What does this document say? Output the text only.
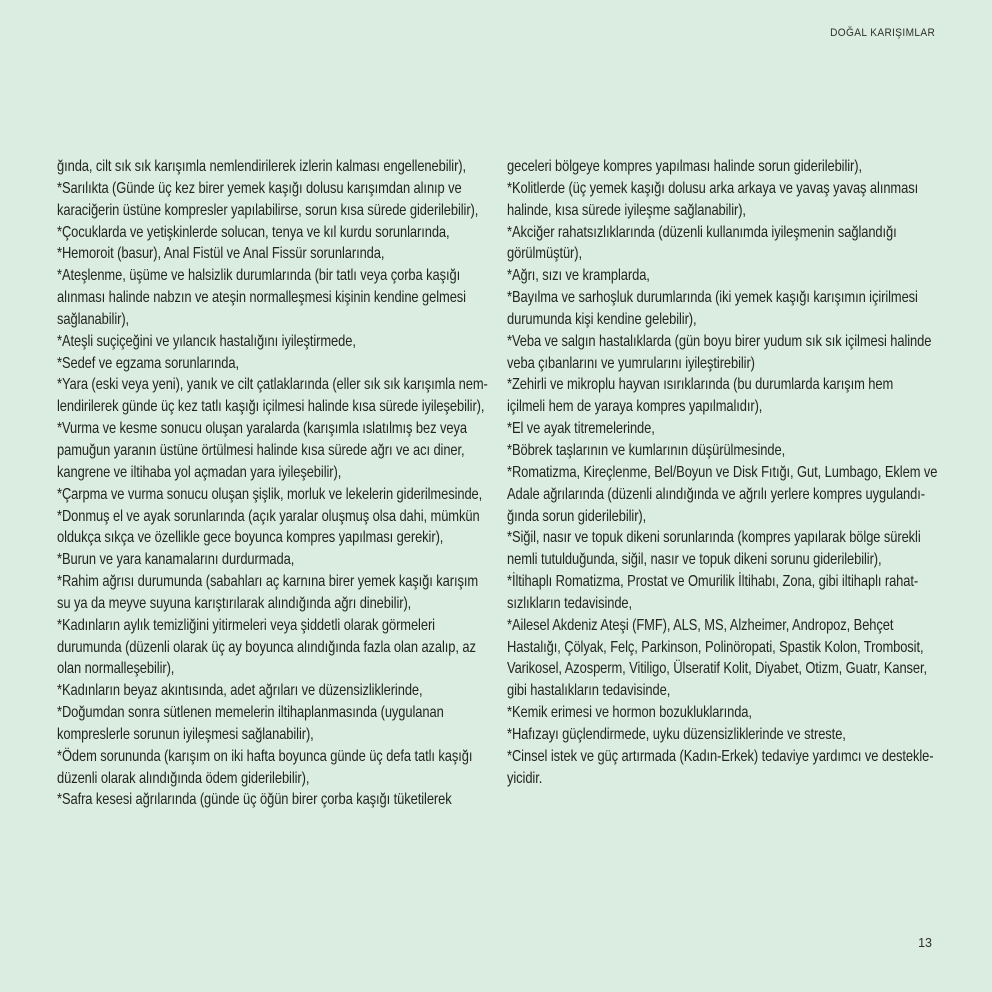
DOĞAL KARIŞIMLAR
ğında, cilt sık sık karışımla nemlendirilerek izlerin kalması engellenebilir),
*Sarılıkta (Günde üç kez birer yemek kaşığı dolusu karışımdan alınıp ve
karaciğerin üstüne kompresler yapılabilirse, sorun kısa sürede giderilebilir),
*Çocuklarda ve yetişkinlerde solucan, tenya ve kıl kurdu sorunlarında,
*Hemoroit (basur), Anal Fistül ve Anal Fissür sorunlarında,
*Ateşlenme, üşüme ve halsizlik durumlarında (bir tatlı veya çorba kaşığı
alınması halinde nabzın ve ateşin normalleşmesi kişinin kendine gelmesi
sağlanabilir),
*Ateşli suçiçeğini ve yılancık hastalığını iyileştirmede,
*Sedef ve egzama sorunlarında,
*Yara (eski veya yeni), yanık ve cilt çatlaklarında (eller sık sık karışımla nem-
lendirilerek günde üç kez tatlı kaşığı içilmesi halinde kısa sürede iyileşebilir),
*Vurma ve kesme sonucu oluşan yaralarda (karışımla ıslatılmış bez veya
pamuğun yaranın üstüne örtülmesi halinde kısa sürede ağrı ve acı diner,
kangrene ve iltihaba yol açmadan yara iyileşebilir),
*Çarpma ve vurma sonucu oluşan şişlik, morluk ve lekelerin giderilmesinde,
*Donmuş el ve ayak sorunlarında (açık yaralar oluşmuş olsa dahi, mümkün
oldukça sıkça ve özellikle gece boyunca kompres yapılması gerekir),
*Burun ve yara kanamalarını durdurmada,
*Rahim ağrısı durumunda (sabahları aç karnına birer yemek kaşığı karışım
su ya da meyve suyuna karıştırılarak alındığında ağrı dinebilir),
*Kadınların aylık temizliğini yitirmeleri veya şiddetli olarak görmeleri
durumunda (düzenli olarak üç ay boyunca alındığında fazla olan azalıp, az
olan normalleşebilir),
*Kadınların beyaz akıntısında, adet ağrıları ve düzensizliklerinde,
*Doğumdan sonra sütlenen memelerin iltihaplanmasında (uygulanan
kompreslerle sorunun iyileşmesi sağlanabilir),
*Ödem sorununda (karışım on iki hafta boyunca günde üç defa tatlı kaşığı
düzenli olarak alındığında ödem giderilebilir),
*Safra kesesi ağrılarında (günde üç öğün birer çorba kaşığı tüketilerek
geceleri bölgeye kompres yapılması halinde sorun giderilebilir),
*Kolitlerde (üç yemek kaşığı dolusu arka arkaya ve yavaş yavaş alınması
halinde, kısa sürede iyileşme sağlanabilir),
*Akciğer rahatsızlıklarında (düzenli kullanımda iyileşmenin sağlandığı
görülmüştür),
*Ağrı, sızı ve kramplarda,
*Bayılma ve sarhoşluk durumlarında (iki yemek kaşığı karışımın içirilmesi
durumunda kişi kendine gelebilir),
*Veba ve salgın hastalıklarda (gün boyu birer yudum sık sık içilmesi halinde
veba çıbanlarını ve yumrularını iyileştirebilir)
*Zehirli ve mikroplu hayvan ısırıklarında (bu durumlarda karışım hem
içilmeli hem de yaraya kompres yapılmalıdır),
*El ve ayak titremelerinde,
*Böbrek taşlarının ve kumlarının düşürülmesinde,
*Romatizma, Kireçlenme, Bel/Boyun ve Disk Fıtığı, Gut, Lumbago, Eklem ve
Adale ağrılarında (düzenli alındığında ve ağrılı yerlere kompres uygulandı-
ğında sorun giderilebilir),
*Siğil, nasır ve topuk dikeni sorunlarında (kompres yapılarak bölge sürekli
nemli tutulduğunda, siğil, nasır ve topuk dikeni sorunu giderilebilir),
*İltihaplı Romatizma, Prostat ve Omurilik İltihabı, Zona, gibi iltihaplı rahat-
sızlıkların tedavisinde,
*Ailesel Akdeniz Ateşi (FMF), ALS, MS, Alzheimer, Andropoz, Behçet
Hastalığı, Çölyak, Felç, Parkinson, Polinöropati, Spastik Kolon, Trombosit,
Varikosel, Azosperm, Vitiligo, Ülseratif Kolit, Diyabet, Otizm, Guatr, Kanser,
gibi hastalıkların tedavisinde,
*Kemik erimesi ve hormon bozukluklarında,
*Hafızayı güçlendirmede, uyku düzensizliklerinde ve streste,
*Cinsel istek ve güç artırmada (Kadın-Erkek) tedaviye yardımcı ve destekle-
yicidir.
13
